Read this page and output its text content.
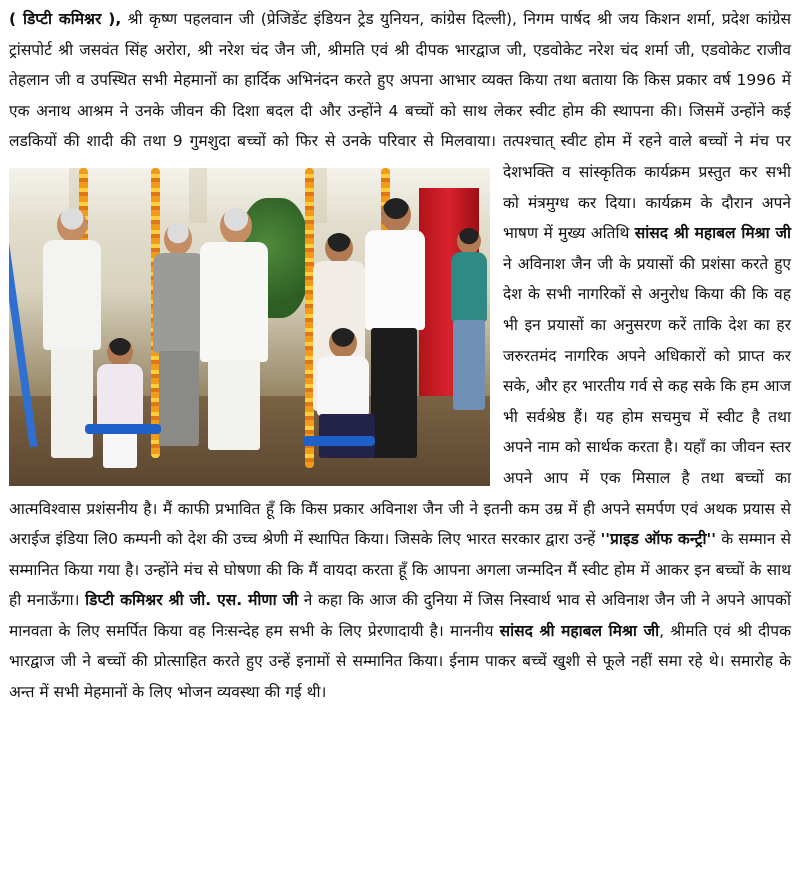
( डिप्टी कमिश्नर ), श्री कृष्ण पहलवान जी (प्रेजिडेंट इंडियन ट्रेड युनियन, कांग्रेस दिल्ली), निगम पार्षद श्री जय किशन शर्मा, प्रदेश कांग्रेस ट्रांसपोर्ट श्री जसवंत सिंह अरोरा, श्री नरेश चंद जैन जी, श्रीमति एवं श्री दीपक भारद्वाज जी, एडवोकेट नरेश चंद शर्मा जी, एडवोकेट राजीव तेहलान जी व उपस्थित सभी मेहमानों का हार्दिक अभिनंदन करते हुए अपना आभार व्यक्त किया तथा बताया कि किस प्रकार वर्ष 1996 में एक अनाथ आश्रम ने उनके जीवन की दिशा बदल दी और उन्होंने 4 बच्चों को साथ लेकर स्वीट होम की स्थापना की। जिसमें उन्होंने कई लडकियों की शादी की तथा 9 गुमशुदा बच्चों को फिर से उनके परिवार से मिलवाया। तत्पश्चात् स्वीट होम में रहने वाले बच्चों ने मंच पर देशभक्ति व
सांस्कृतिक कार्यक्रम प्रस्तुत कर सभी को मंत्रमुग्ध कर दिया। कार्यक्रम के दौरान अपने भाषण में मुख्य अतिथि सांसद श्री महाबल मिश्रा जी ने अविनाश जैन जी के प्रयासों की प्रशंसा करते हुए देश के सभी नागरिकों से अनुरोध किया की कि वह भी इन प्रयासों का अनुसरण करें ताकि देश का हर जरुरतमंद नागरिक अपने अधिकारों को प्राप्त कर सके, और हर भारतीय गर्व से कह सके कि हम आज भी सर्वश्रेष्ठ हैं। यह होम सचमुच में स्वीट है तथा अपने नाम को सार्थक करता है। यहाँ का जीवन स्तर अपने आप में एक मिसाल है तथा बच्चों का आत्मविश्वास प्रशंसनीय है। मैं काफी प्रभावित हूँ कि किस प्रकार अविनाश जैन जी ने इतनी कम उम्र में ही अपने समर्पण एवं अथक प्रयास से अराईज इंडिया लि0 कम्पनी को देश की उच्च श्रेणी में स्थापित किया। जिसके लिए भारत सरकार द्वारा उन्हें ''प्राइड ऑफ कन्ट्री'' के सम्मान से सम्मानित किया गया है। उन्होंने मंच से घोषणा की कि मैं वायदा करता हूँ कि आपना अगला जन्मदिन मैं स्वीट होम में आकर इन बच्चों के साथ ही मनाऊँगा। डिप्टी कमिश्नर श्री जी. एस. मीणा जी ने कहा कि आज की दुनिया में जिस निस्वार्थ भाव से अविनाश जैन जी ने अपने आपकों मानवता के लिए समर्पित किया वह निःसन्देह हम सभी के लिए प्रेरणादायी है। माननीय सांसद श्री महाबल मिश्रा जी, श्रीमति एवं श्री दीपक भारद्वाज जी ने बच्चों की प्रोत्साहित करते हुए उन्हें इनामों से सम्मानित किया। ईनाम पाकर बच्चें खुशी से फूले नहीं समा रहे थे। समारोह के अन्त में सभी मेहमानों के लिए भोजन व्यवस्था की गई थी।
